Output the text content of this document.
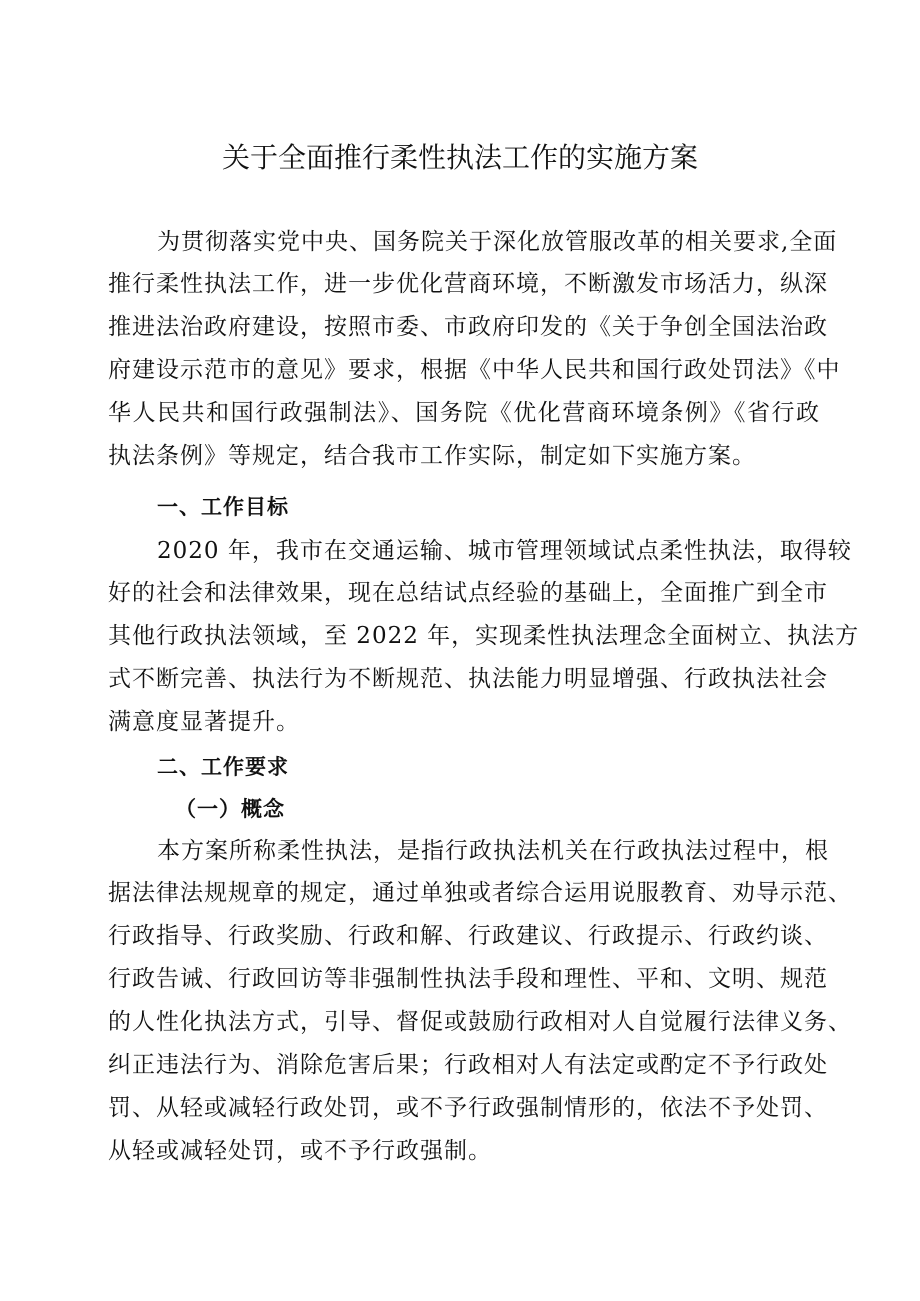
关于全面推行柔性执法工作的实施方案
为贯彻落实党中央、国务院关于深化放管服改革的相关要求,全面
推行柔性执法工作，进一步优化营商环境，不断激发市场活力，纵深
推进法治政府建设，按照市委、市政府印发的《关于争创全国法治政
府建设示范市的意见》要求，根据《中华人民共和国行政处罚法》《中
华人民共和国行政强制法》、国务院《优化营商环境条例》《省行政
执法条例》等规定，结合我市工作实际，制定如下实施方案。
一、工作目标
2020 年，我市在交通运输、城市管理领域试点柔性执法，取得较
好的社会和法律效果，现在总结试点经验的基础上，全面推广到全市
其他行政执法领域，至 2022 年，实现柔性执法理念全面树立、执法方
式不断完善、执法行为不断规范、执法能力明显增强、行政执法社会
满意度显著提升。
二、工作要求
（一）概念
本方案所称柔性执法，是指行政执法机关在行政执法过程中，根
据法律法规规章的规定，通过单独或者综合运用说服教育、劝导示范、
行政指导、行政奖励、行政和解、行政建议、行政提示、行政约谈、
行政告诫、行政回访等非强制性执法手段和理性、平和、文明、规范
的人性化执法方式，引导、督促或鼓励行政相对人自觉履行法律义务、
纠正违法行为、消除危害后果；行政相对人有法定或酌定不予行政处
罚、从轻或减轻行政处罚，或不予行政强制情形的，依法不予处罚、
从轻或减轻处罚，或不予行政强制。
